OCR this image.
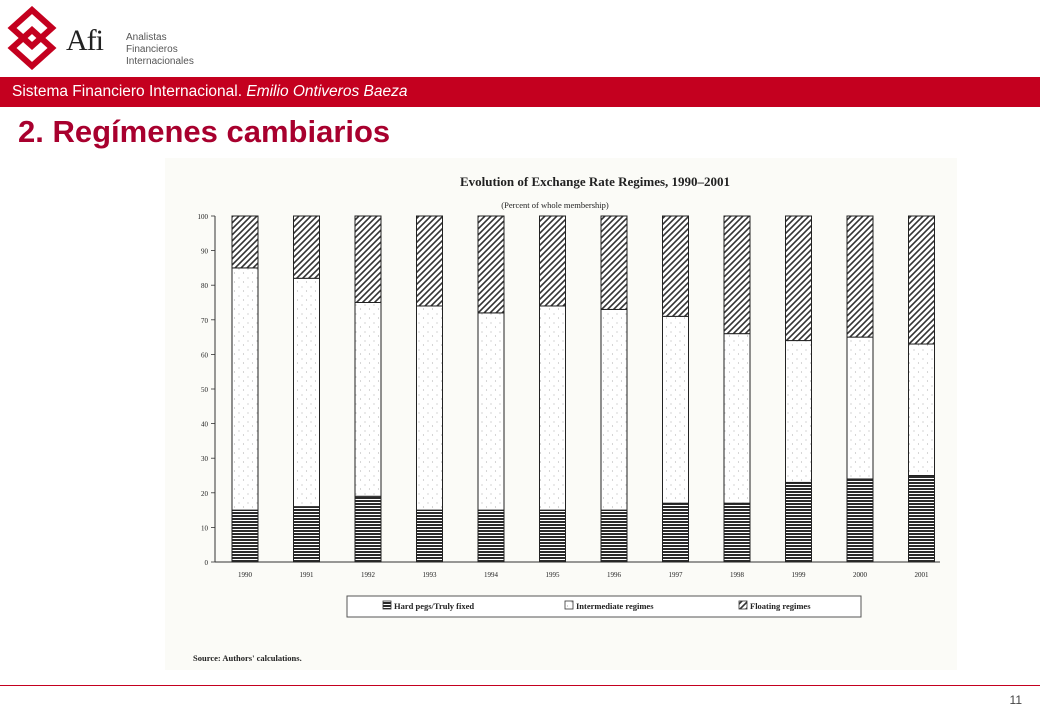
Afi Analistas Financieros
Internacionales
Sistema Financiero Internacional. Emilio Ontiveros Baeza
2. Regímenes cambiarios
Evolution of Exchange Rate Regimes, 1990–2001
(Percent of whole membership)
0
10
20
30
40
50
60
70
80
90
100
1990	1991	1992	1993	1994	1995	1996	1997	1998	1999	2000	2001
Hard pegs/Truly fixed	Intermediate regimes	Floating regimes
Source: Authors' calculations.
11
